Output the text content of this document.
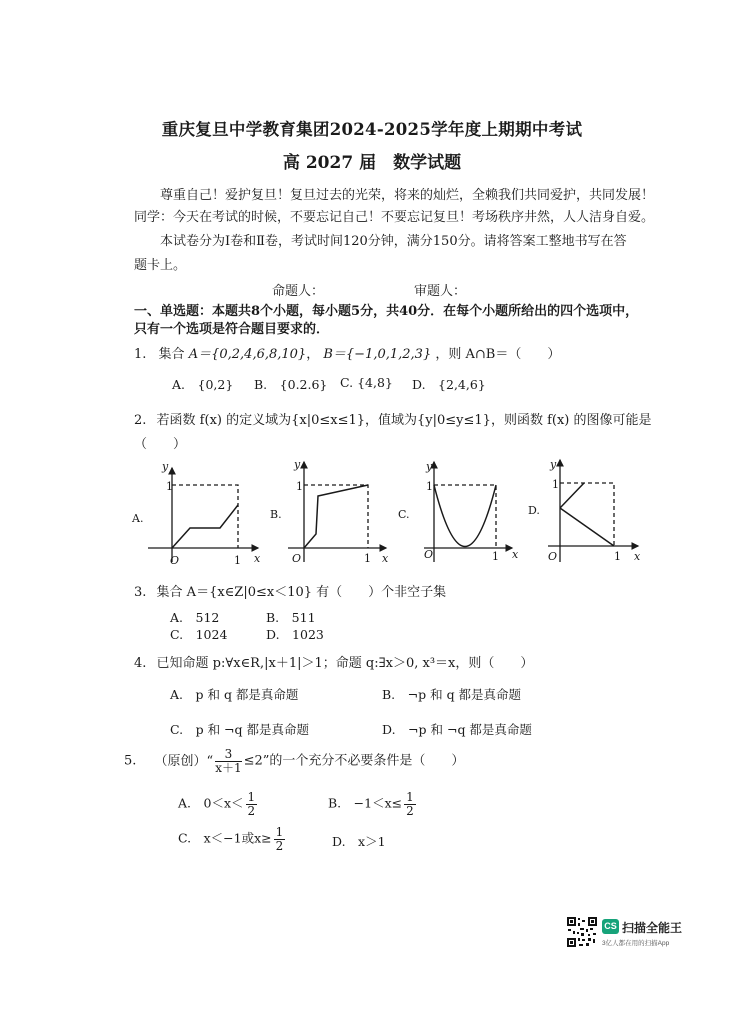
重庆复旦中学教育集团2024-2025学年度上期期中考试
高 2027 届　数学试题
尊重自己！爱护复旦！复旦过去的光荣，将来的灿烂，全赖我们共同爱护，共同发展！
同学：今天在考试的时候，不要忘记自己！不要忘记复旦！考场秩序井然，人人洁身自爱。
本试卷分为Ⅰ卷和Ⅱ卷，考试时间120分钟，满分150分。请将答案工整地书写在答
题卡上。
命题人：	审题人：
一、单选题：本题共8个小题，每小题5分，共40分．在每个小题所给出的四个选项中，
只有一个选项是符合题目要求的．
1. 集合 A＝{0,2,4,6,8,10}， B＝{−1,0,1,2,3} ，则 A∩B＝（　　）
A.　{0,2} B.　{0.2.6} C. {4,8} D.　{2,4,6}
2. 若函数 f(x) 的定义域为{x|0≤x≤1}，值域为{y|0≤y≤1}，则函数 f(x) 的图像可能是
（　　）
A.
y
1
O	1 x
B.
y
1
O	1 x
C.
y
1
O	1 x
D.
y
1
O	1 x
3. 集合 A＝{x∈Z|0≤x＜10} 有（　　）个非空子集
A.　512	B.　511
C.　1024	D.　1023
4. 已知命题 p:∀x∈R,|x＋1|＞1；命题 q:∃x＞0, x³＝x，则（　　）
A.　p 和 q 都是真命题	B.　¬p 和 q 都是真命题
C.　p 和 ¬q 都是真命题	D.　¬p 和 ¬q 都是真命题
5. （原创）“ $\frac{3}{x+1} \le 2$”的一个充分不必要条件是（　　）
A.　$0<x< \frac{1}{2}$	B.　$-1<x\le \frac{1}{2}$
C.　x＜−1或$x\ge \frac{1}{2}$	D.　x＞1
CS 扫描全能王
3亿人都在用的扫描App
